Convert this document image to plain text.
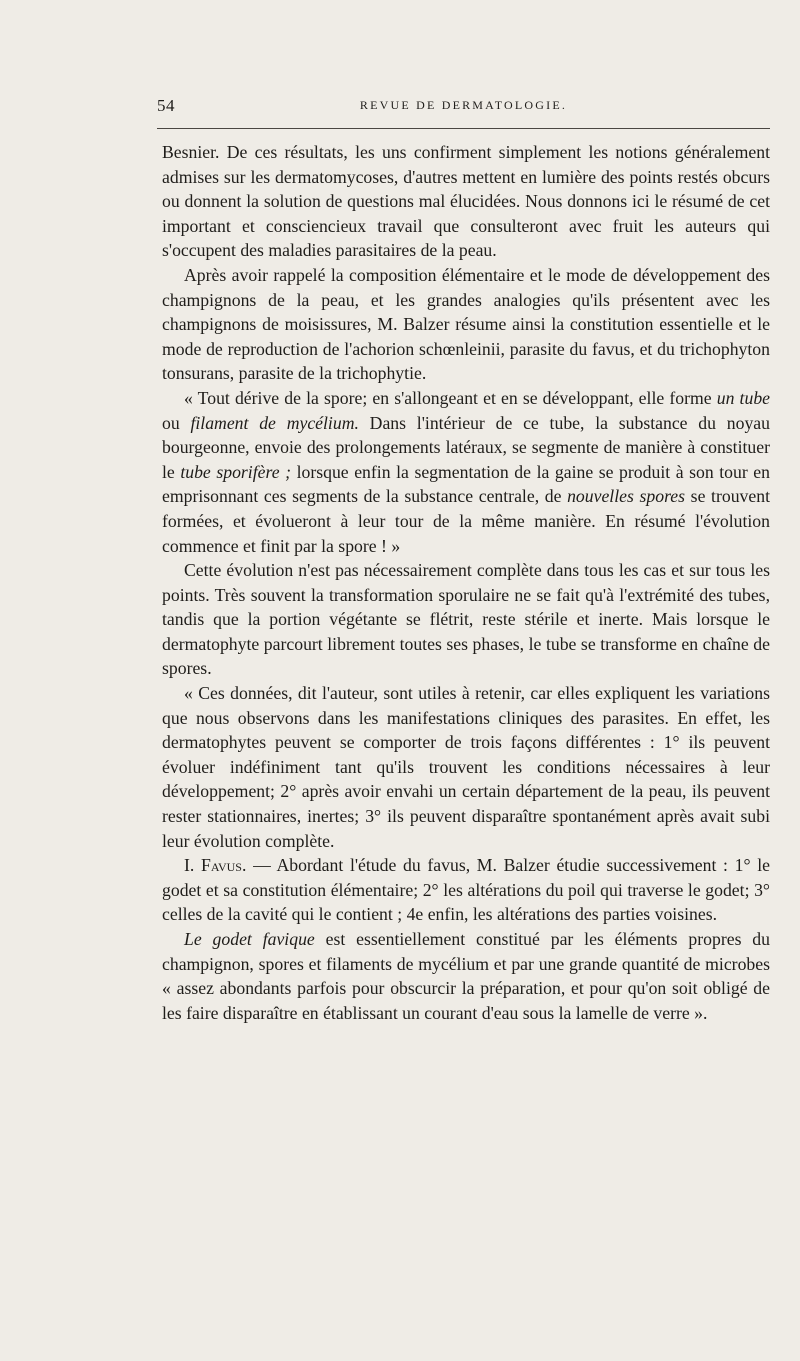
54	REVUE DE DERMATOLOGIE.

Besnier. De ces résultats, les uns confirment simplement les notions généralement admises sur les dermatomycoses, d'autres mettent en lumière des points restés obcurs ou donnent la solution de questions mal élucidées. Nous donnons ici le résumé de cet important et consciencieux travail que consulteront avec fruit les auteurs qui s'occupent des maladies parasitaires de la peau.

Après avoir rappelé la composition élémentaire et le mode de développement des champignons de la peau, et les grandes analogies qu'ils présentent avec les champignons de moisissures, M. Balzer résume ainsi la constitution essentielle et le mode de reproduction de l'achorion schœnleinii, parasite du favus, et du trichophyton tonsurans, parasite de la trichophytie.

« Tout dérive de la spore; en s'allongeant et en se développant, elle forme un tube ou filament de mycélium. Dans l'intérieur de ce tube, la substance du noyau bourgeonne, envoie des prolongements latéraux, se segmente de manière à constituer le tube sporifère ; lorsque enfin la segmentation de la gaine se produit à son tour en emprisonnant ces segments de la substance centrale, de nouvelles spores se trouvent formées, et évolueront à leur tour de la même manière. En résumé l'évolution commence et finit par la spore ! »

Cette évolution n'est pas nécessairement complète dans tous les cas et sur tous les points. Très souvent la transformation sporulaire ne se fait qu'à l'extrémité des tubes, tandis que la portion végétante se flétrit, reste stérile et inerte. Mais lorsque le dermatophyte parcourt librement toutes ses phases, le tube se transforme en chaîne de spores.

« Ces données, dit l'auteur, sont utiles à retenir, car elles expliquent les variations que nous observons dans les manifestations cliniques des parasites. En effet, les dermatophytes peuvent se comporter de trois façons différentes : 1° ils peuvent évoluer indéfiniment tant qu'ils trouvent les conditions nécessaires à leur développement; 2° après avoir envahi un certain département de la peau, ils peuvent rester stationnaires, inertes; 3° ils peuvent disparaître spontanément après avait subi leur évolution complète.

I. Favus. — Abordant l'étude du favus, M. Balzer étudie successivement : 1° le godet et sa constitution élémentaire; 2° les altérations du poil qui traverse le godet; 3° celles de la cavité qui le contient ; 4e enfin, les altérations des parties voisines.

Le godet favique est essentiellement constitué par les éléments propres du champignon, spores et filaments de mycélium et par une grande quantité de microbes « assez abondants parfois pour obscurcir la préparation, et pour qu'on soit obligé de les faire disparaître en établissant un courant d'eau sous la lamelle de verre ».
